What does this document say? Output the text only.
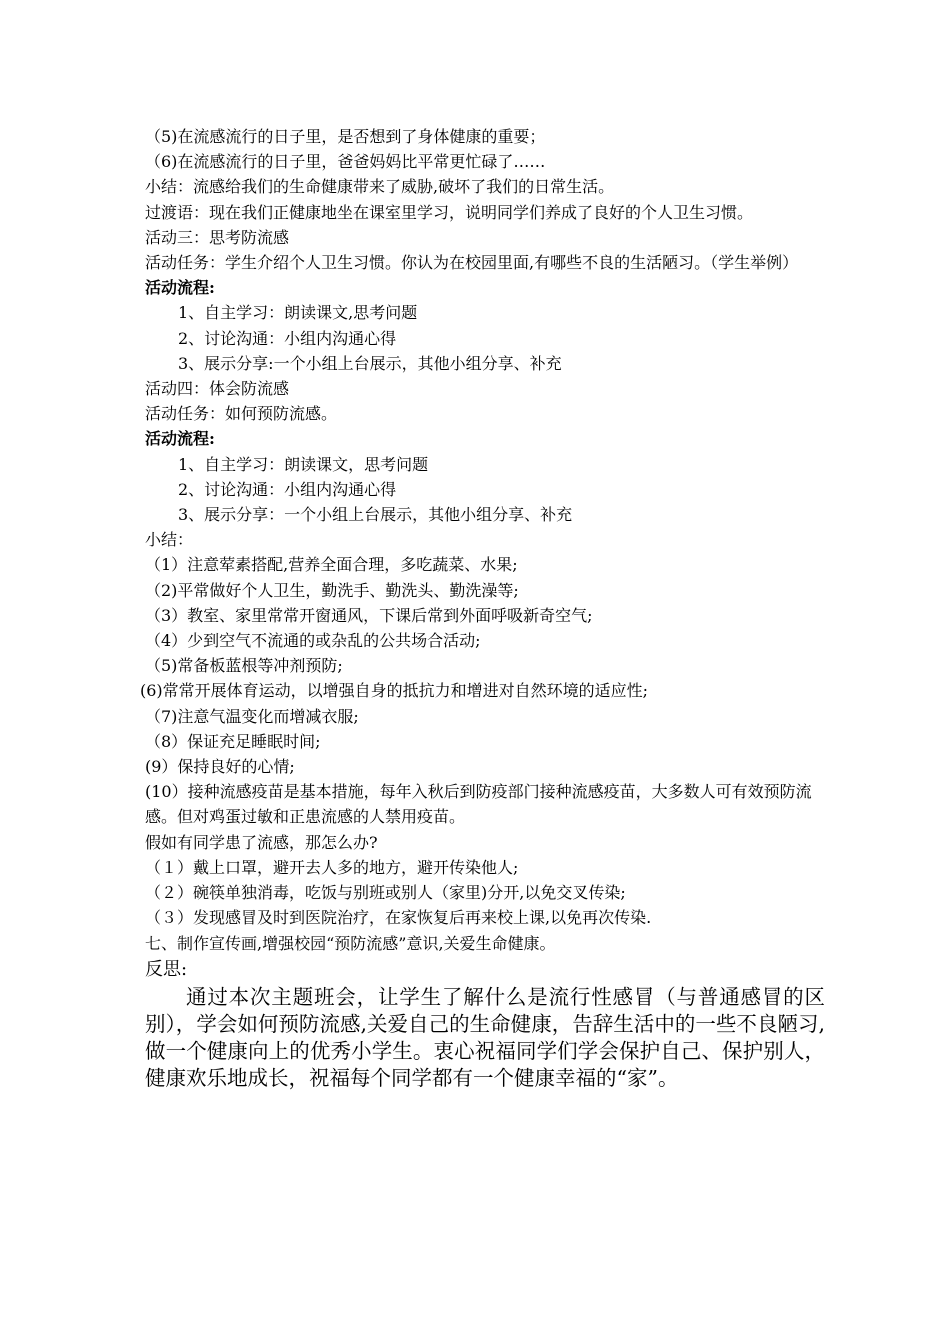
（5)在流感流行的日子里，是否想到了身体健康的重要；
（6)在流感流行的日子里，爸爸妈妈比平常更忙碌了……
小结：流感给我们的生命健康带来了威胁,破坏了我们的日常生活。
过渡语：现在我们正健康地坐在课室里学习，说明同学们养成了良好的个人卫生习惯。
活动三：思考防流感
活动任务：学生介绍个人卫生习惯。你认为在校园里面,有哪些不良的生活陋习。（学生举例）
活动流程:
1、自主学习：朗读课文,思考问题
2、讨论沟通：小组内沟通心得
3、展示分享:一个小组上台展示，其他小组分享、补充
活动四：体会防流感
活动任务：如何预防流感。
活动流程:
1、自主学习：朗读课文，思考问题
2、讨论沟通：小组内沟通心得
3、展示分享：一个小组上台展示，其他小组分享、补充
小结：
（1）注意荤素搭配,营养全面合理，多吃蔬菜、水果;
（2)平常做好个人卫生，勤洗手、勤洗头、勤洗澡等;
（3）教室、家里常常开窗通风，下课后常到外面呼吸新奇空气;
（4）少到空气不流通的或杂乱的公共场合活动;
（5)常备板蓝根等冲剂预防;
(6)常常开展体育运动，以增强自身的抵抗力和增进对自然环境的适应性;
（7)注意气温变化而增减衣服;
（8）保证充足睡眠时间;
(9）保持良好的心情;
(10）接种流感疫苗是基本措施，每年入秋后到防疫部门接种流感疫苗，大多数人可有效预防流感。但对鸡蛋过敏和正患流感的人禁用疫苗。
假如有同学患了流感，那怎么办?
（１）戴上口罩，避开去人多的地方，避开传染他人;
（２）碗筷单独消毒，吃饭与别班或别人（家里)分开,以免交叉传染;
（３）发现感冒及时到医院治疗，在家恢复后再来校上课,以免再次传染.
七、制作宣传画,增强校园“预防流感”意识,关爱生命健康。
反思:
通过本次主题班会，让学生了解什么是流行性感冒（与普通感冒的区别），学会如何预防流感,关爱自己的生命健康，告辞生活中的一些不良陋习,做一个健康向上的优秀小学生。衷心祝福同学们学会保护自己、保护别人，健康欢乐地成长，祝福每个同学都有一个健康幸福的“家”。
